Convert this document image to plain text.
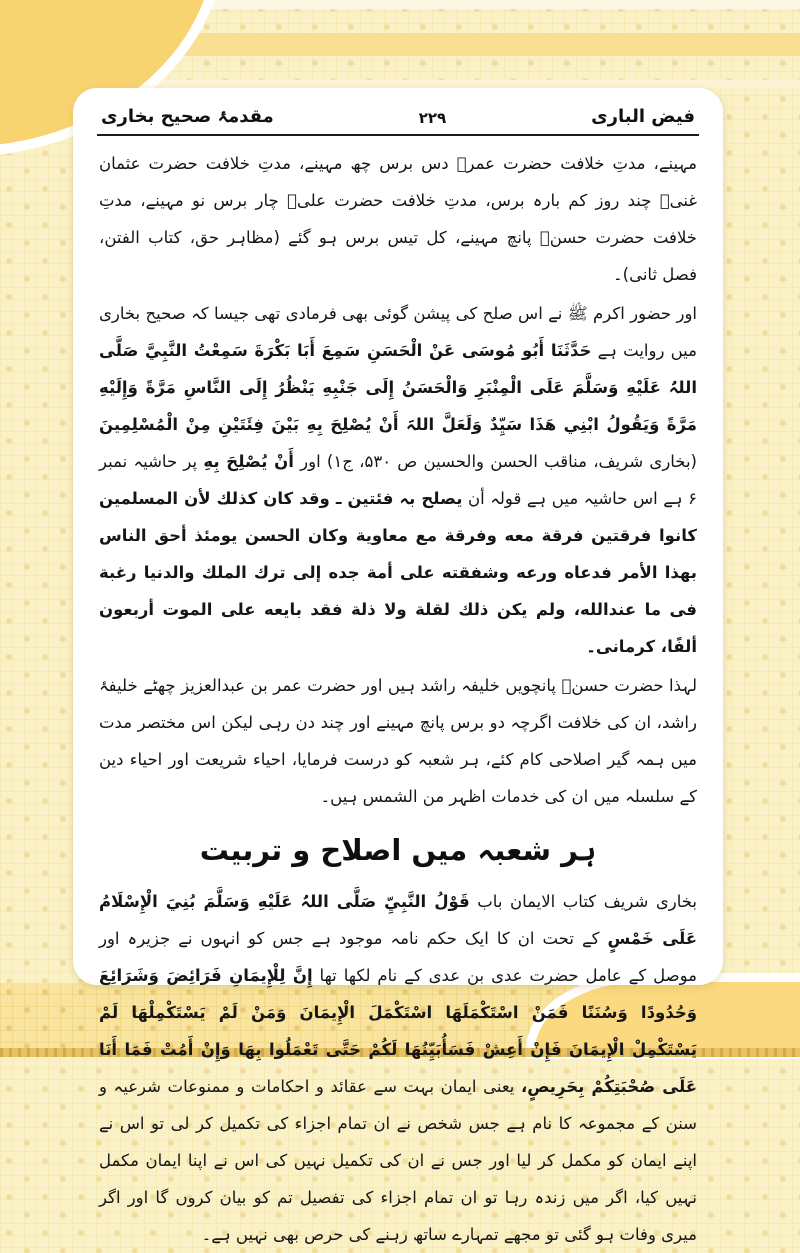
فیض الباری
۲۲۹
مقدمۂ صحیح بخاری

مہینے، مدتِ خلافت حضرت عمرؓ دس برس چھ مہینے، مدتِ خلافت حضرت عثمان غنیؓ چند روز کم بارہ برس، مدتِ خلافت حضرت علیؓ چار برس نو مہینے، مدتِ خلافت حضرت حسنؓ پانچ مہینے، کل تیس برس ہو گئے (مظاہر حق، کتاب الفتن، فصل ثانی)۔

اور حضور اکرم ﷺ نے اس صلح کی پیشن گوئی بھی فرمادی تھی جیسا کہ صحیح بخاری میں روایت ہے حَدَّثَنَا أَبُو مُوسَى عَنْ الْحَسَنِ سَمِعَ أَبَا بَكْرَةَ سَمِعْتُ النَّبِيَّ صَلَّى اللہُ عَلَيْهِ وَسَلَّمَ عَلَى الْمِنْبَرِ وَالْحَسَنُ إِلَى جَنْبِهِ يَنْظُرُ إِلَى النَّاسِ مَرَّةً وَإِلَيْهِ مَرَّةً وَيَقُولُ ابْنِي هَذَا سَيِّدٌ وَلَعَلَّ اللہَ أَنْ يُصْلِحَ بِهِ بَيْنَ فِئَتَيْنِ مِنْ الْمُسْلِمِينَ (بخاری شریف، مناقب الحسن والحسین ص ۵۳۰، ج۱) اور أَنْ يُصْلِحَ بِهِ پر حاشیہ نمبر ۶ ہے اس حاشیہ میں ہے قولہ أن يصلح بہ فئتين ـ وقد كان كذلك لأن المسلمين كانوا فرقتين فرقة معه وفرقة مع معاوية وكان الحسن يومئذ أحق الناس بهذا الأمر فدعاه ورعه وشفقته على أمة جده إلى ترك الملك والدنيا رغبة فى ما عندالله، ولم يكن ذلك لقلة ولا ذلة فقد بايعه على الموت أربعون ألفًا، كرمانى۔

لہذا حضرت حسنؓ پانچویں خلیفہ راشد ہیں اور حضرت عمر بن عبدالعزیز چھٹے خلیفۂ راشد، ان کی خلافت اگرچہ دو برس پانچ مہینے اور چند دن رہی لیکن اس مختصر مدت میں ہمہ گیر اصلاحی کام کئے، ہر شعبہ کو درست فرمایا، احیاء شریعت اور احیاء دین کے سلسلہ میں ان کی خدمات اظہر من الشمس ہیں۔

ہر شعبہ میں اصلاح و تربیت

بخاری شریف کتاب الایمان باب قَوْلُ النَّبِيِّ صَلَّى اللہُ عَلَيْهِ وَسَلَّمَ بُنِيَ الْإِسْلَامُ عَلَى خَمْسٍ کے تحت ان کا ایک حکم نامہ موجود ہے جس کو انہوں نے جزیرہ اور موصل کے عامل حضرت عدی بن عدی کے نام لکھا تھا إِنَّ لِلْإِيمَانِ فَرَائِضَ وَشَرَائِعَ وَحُدُودًا وَسُنَنًا فَمَنْ اسْتَكْمَلَهَا اسْتَكْمَلَ الْإِيمَانَ وَمَنْ لَمْ يَسْتَكْمِلْهَا لَمْ يَسْتَكْمِلْ الْإِيمَانَ فَإِنْ أَعِشْ فَسَأُبَيِّنُهَا لَكُمْ حَتَّى تَعْمَلُوا بِهَا وَإِنْ أَمُتْ فَمَا أَنَا عَلَى صُحْبَتِكُمْ بِحَرِيصٍ، یعنی ایمان بہت سے عقائد و احکامات و ممنوعات شرعیہ و سنن کے مجموعہ کا نام ہے جس شخص نے ان تمام اجزاء کی تکمیل کر لی تو اس نے اپنے ایمان کو مکمل کر لیا اور جس نے ان کی تکمیل نہیں کی اس نے اپنا ایمان مکمل نہیں کیا، اگر میں زندہ رہا تو ان تمام اجزاء کی تفصیل تم کو بیان کروں گا اور اگر میری وفات ہو گئی تو مجھے تمہارے ساتھ رہنے کی حرص بھی نہیں ہے۔
